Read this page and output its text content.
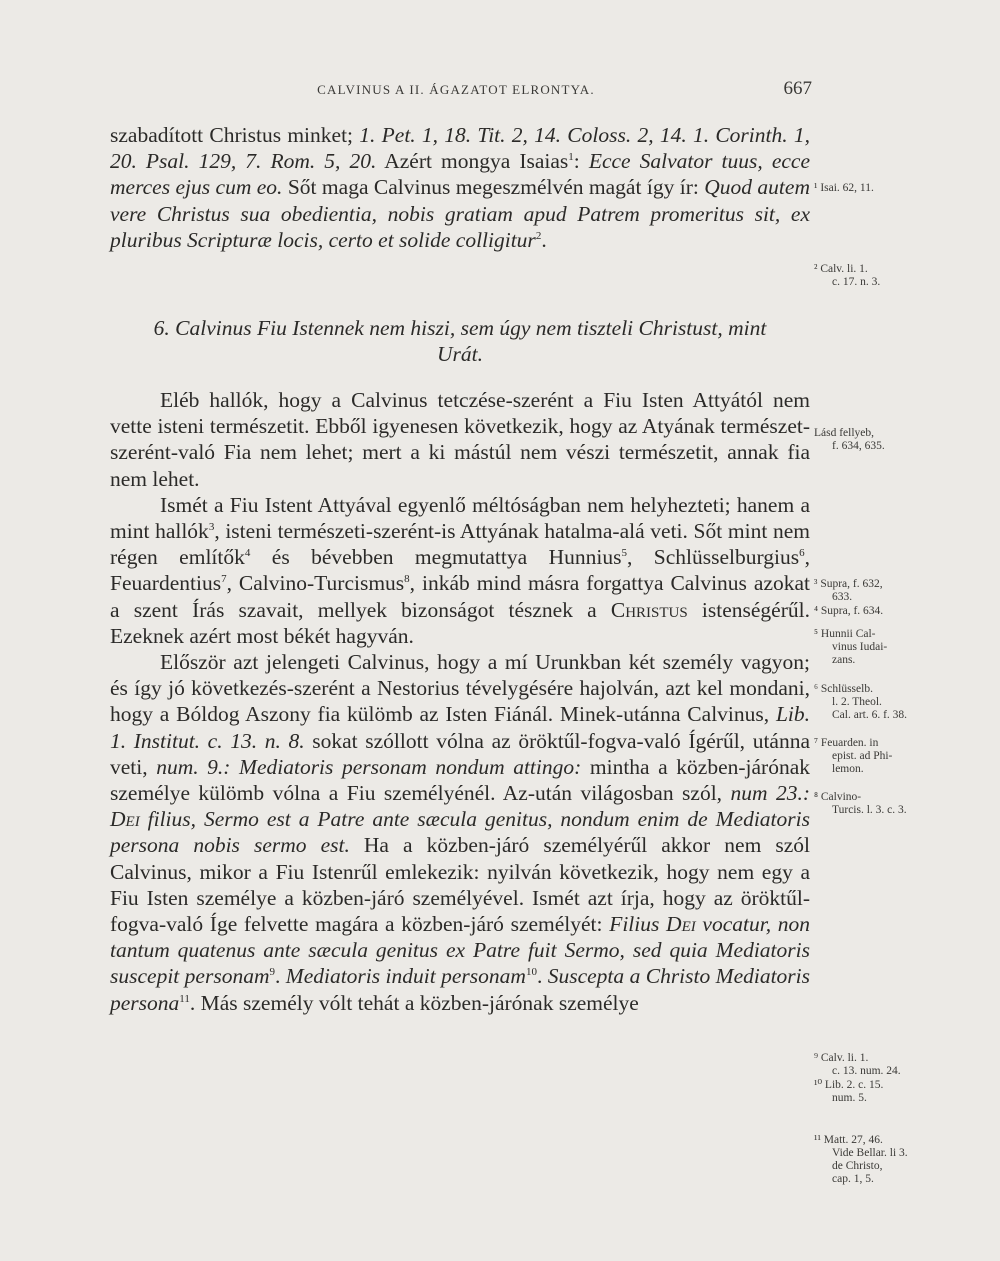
CALVINUS A II. ÁGAZATOT ELRONTYA.	667

szabadított Christus minket; 1. Pet. 1, 18. Tit. 2, 14. Coloss. 2, 14. 1. Corinth. 1, 20. Psal. 129, 7. Rom. 5, 20. Azért mongya Isaias$^1$: Ecce Salvator tuus, ecce merces ejus cum eo. Sőt maga Calvinus megeszmélvén magát így ír: Quod autem vere Christus sua obedientia, nobis gratiam apud Patrem promeritus sit, ex pluribus Scripturæ locis, certo et solide colligitur$^2$.

6. Calvinus Fiu Istennek nem hiszi, sem úgy nem tiszteli Christust, mint Urát.

Eléb hallók, hogy a Calvinus tetczése-szerént a Fiu Isten Attyától nem vette isteni természetit. Ebből igyenesen következik, hogy az Atyának természet-szerént-való Fia nem lehet; mert a ki mástúl nem vészi természetit, annak fia nem lehet.

Ismét a Fiu Istent Attyával egyenlő méltóságban nem helyhezteti; hanem a mint hallók$^3$, isteni természeti-szerént-is Attyának hatalma-alá veti. Sőt mint nem régen említők$^4$ és bévebben megmutattya Hunnius$^5$, Schlüsselburgius$^6$, Feuardentius$^7$, Calvino-Turcismus$^8$, inkáb mind másra forgattya Calvinus azokat a szent Írás szavait, mellyek bizonságot tésznek a Christus istenségérűl. Ezeknek azért most békét hagyván.

Először azt jelengeti Calvinus, hogy a mí Urunkban két személy vagyon; és így jó következés-szerént a Nestorius tévelygésére hajolván, azt kel mondani, hogy a Bóldog Aszony fia külömb az Isten Fiánál. Minek-utánna Calvinus, Lib. 1. Institut. c. 13. n. 8. sokat szóllott vólna az öröktűl-fogva-való Ígérűl, utánna veti, num. 9.: Mediatoris personam nondum attingo: mintha a közben-járónak személye külömb vólna a Fiu személyénél. Az-után világosban szól, num 23.: Dei filius, Sermo est a Patre ante sæcula genitus, nondum enim de Mediatoris persona nobis sermo est. Ha a közben-járó személyérűl akkor nem szól Calvinus, mikor a Fiu Istenrűl emlekezik: nyilván következik, hogy nem egy a Fiu Isten személye a közben-járó személyével. Ismét azt írja, hogy az öröktűl-fogva-való Íge felvette magára a közben-járó személyét: Filius Dei vocatur, non tantum quatenus ante sæcula genitus ex Patre fuit Sermo, sed quia Mediatoris suscepit personam$^9$. Mediatoris induit personam$^{10}$. Suscepta a Christo Mediatoris persona$^{11}$. Más személy vólt tehát a közben-járónak személye

¹ Isai. 62, 11.
² Calv. li. 1.
c. 17. n. 3.
Lásd fellyeb,
f. 634, 635.
³ Supra, f. 632,
633.
⁴ Supra, f. 634.
⁵ Hunnii Cal-
vinus Iudai-
zans.
⁶ Schlüsselb.
l. 2. Theol.
Cal. art. 6. f. 38.
⁷ Feuarden. in
epist. ad Phi-
lemon.
⁸ Calvino-
Turcis. l. 3. c. 3.
⁹ Calv. li. 1.
c. 13. num. 24.
¹⁰ Lib. 2. c. 15.
num. 5.
¹¹ Matt. 27, 46.
Vide Bellar. li 3.
de Christo,
cap. 1, 5.
